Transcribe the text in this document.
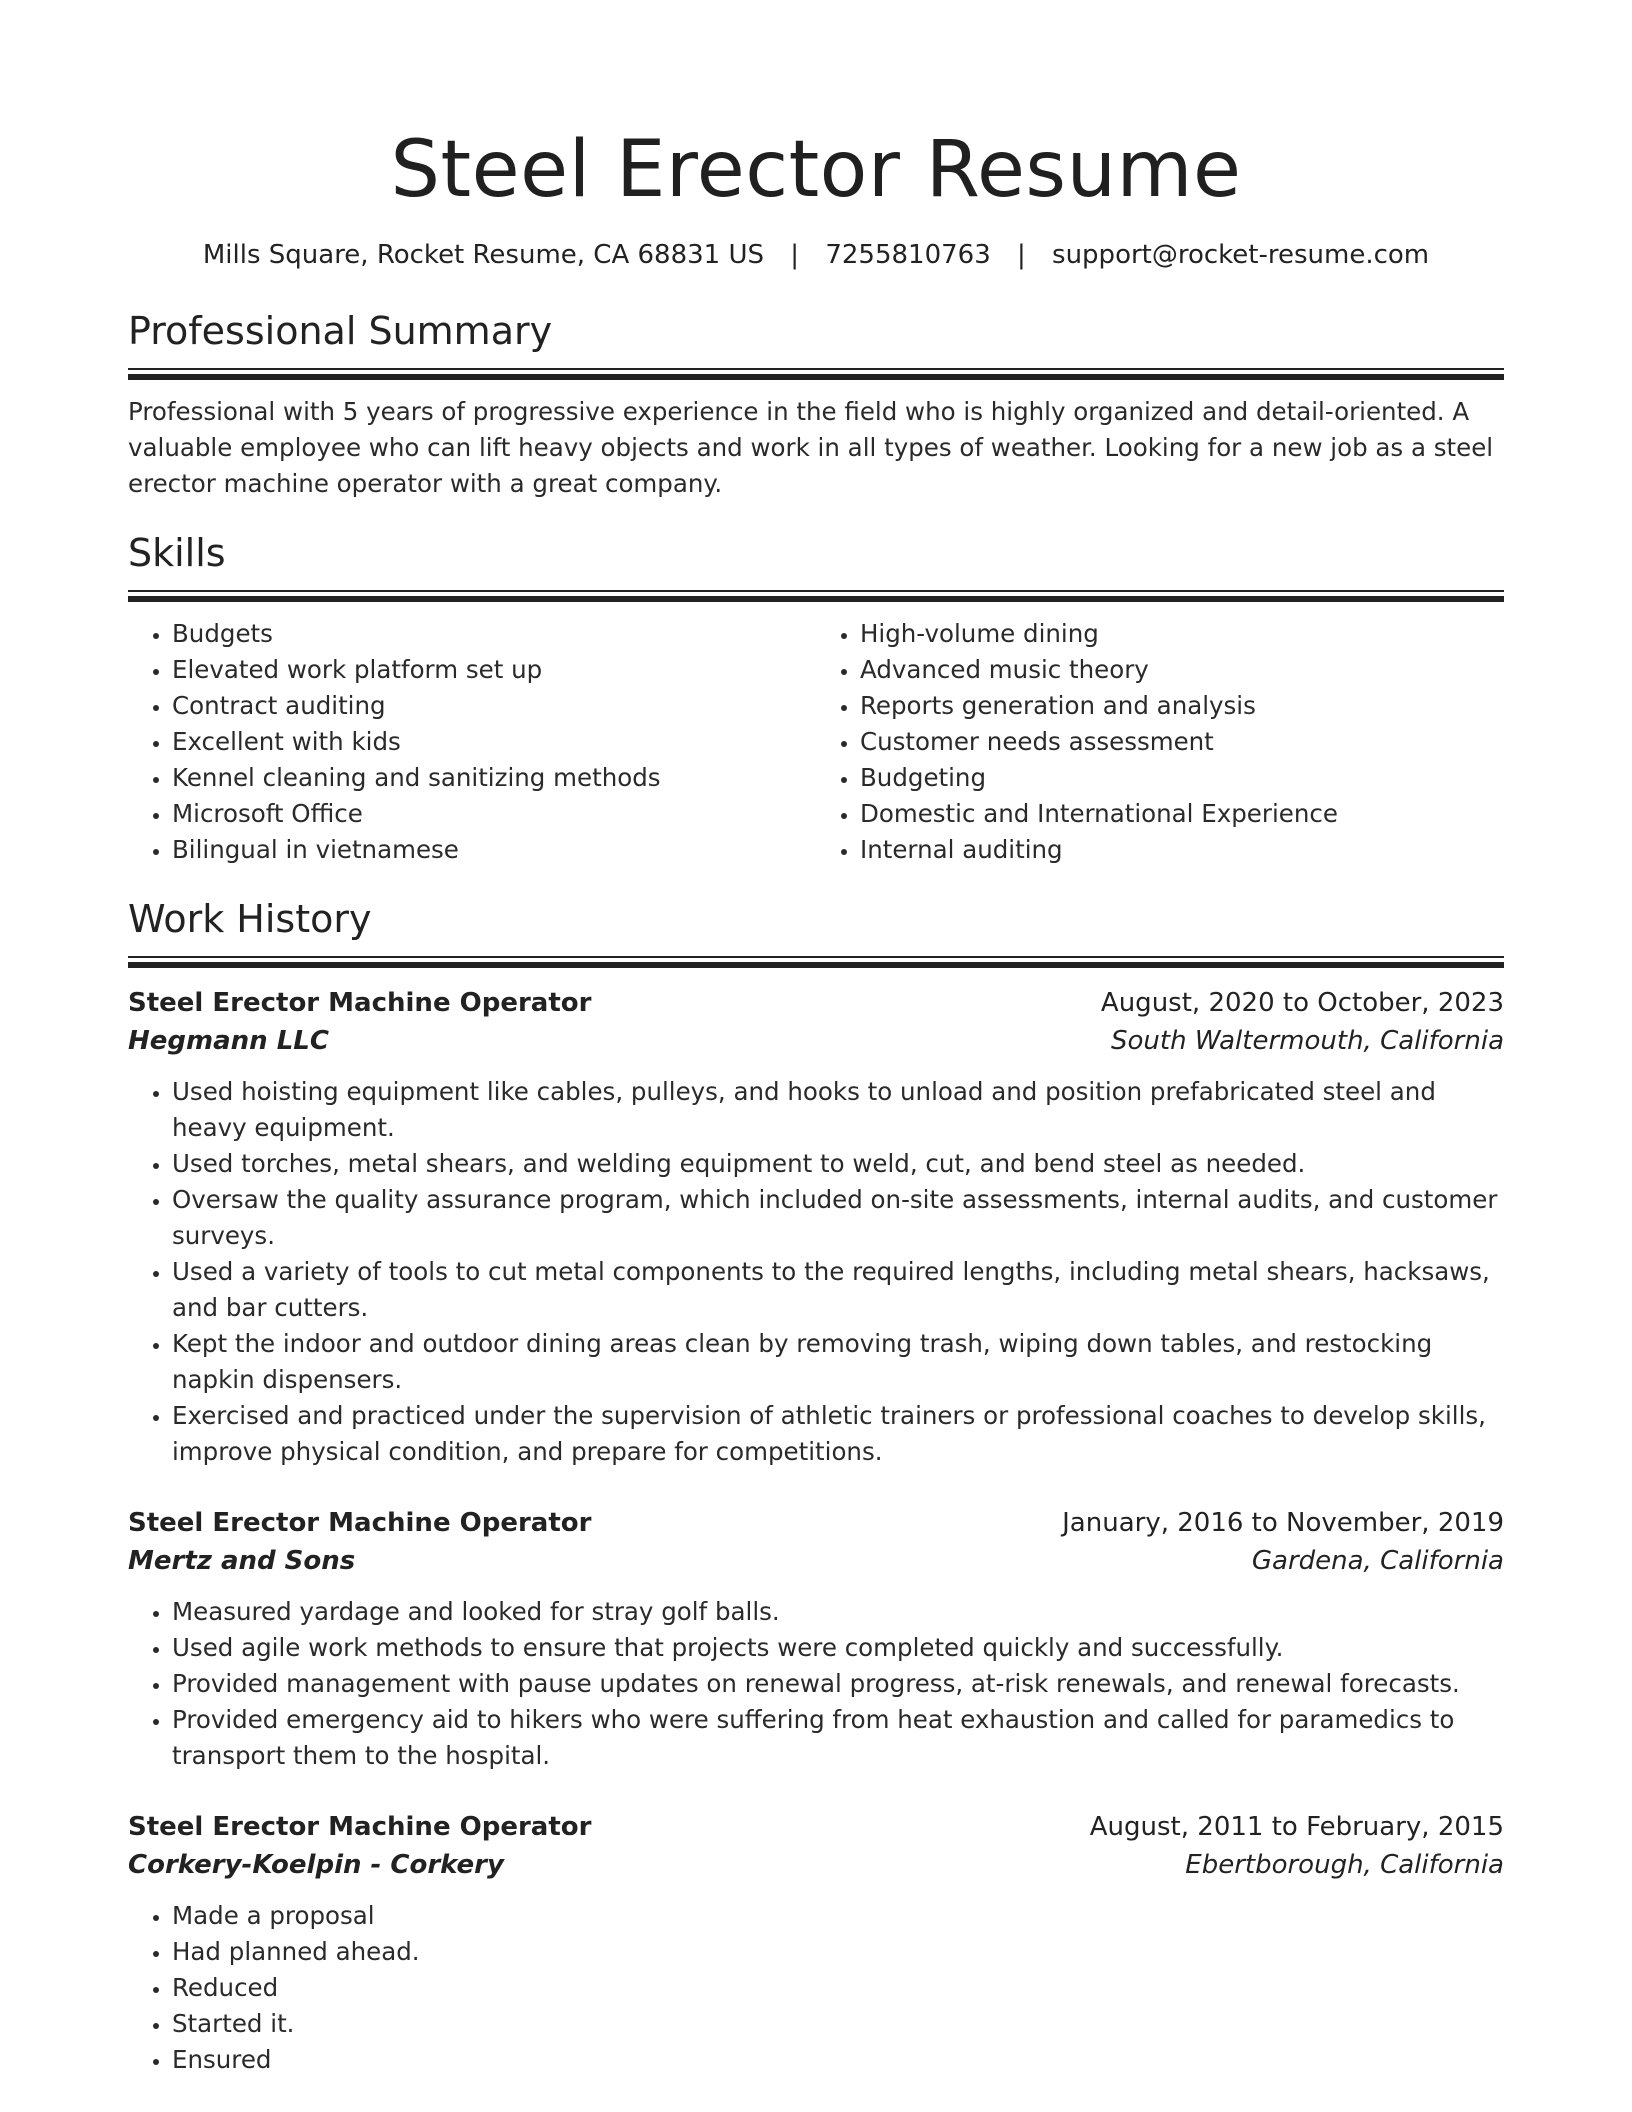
Steel Erector Resume
Mills Square, Rocket Resume, CA 68831 US | 7255810763 | support@rocket-resume.com
Professional Summary
Professional with 5 years of progressive experience in the field who is highly organized and detail-oriented. A valuable employee who can lift heavy objects and work in all types of weather. Looking for a new job as a steel erector machine operator with a great company.
Skills
• Budgets
• Elevated work platform set up
• Contract auditing
• Excellent with kids
• Kennel cleaning and sanitizing methods
• Microsoft Office
• Bilingual in vietnamese
• High-volume dining
• Advanced music theory
• Reports generation and analysis
• Customer needs assessment
• Budgeting
• Domestic and International Experience
• Internal auditing
Work History
Steel Erector Machine Operator	August, 2020 to October, 2023
Hegmann LLC	South Waltermouth, California
• Used hoisting equipment like cables, pulleys, and hooks to unload and position prefabricated steel and heavy equipment.
• Used torches, metal shears, and welding equipment to weld, cut, and bend steel as needed.
• Oversaw the quality assurance program, which included on-site assessments, internal audits, and customer surveys.
• Used a variety of tools to cut metal components to the required lengths, including metal shears, hacksaws, and bar cutters.
• Kept the indoor and outdoor dining areas clean by removing trash, wiping down tables, and restocking napkin dispensers.
• Exercised and practiced under the supervision of athletic trainers or professional coaches to develop skills, improve physical condition, and prepare for competitions.
Steel Erector Machine Operator	January, 2016 to November, 2019
Mertz and Sons	Gardena, California
• Measured yardage and looked for stray golf balls.
• Used agile work methods to ensure that projects were completed quickly and successfully.
• Provided management with pause updates on renewal progress, at-risk renewals, and renewal forecasts.
• Provided emergency aid to hikers who were suffering from heat exhaustion and called for paramedics to transport them to the hospital.
Steel Erector Machine Operator	August, 2011 to February, 2015
Corkery-Koelpin - Corkery	Ebertborough, California
• Made a proposal
• Had planned ahead.
• Reduced
• Started it.
• Ensured
